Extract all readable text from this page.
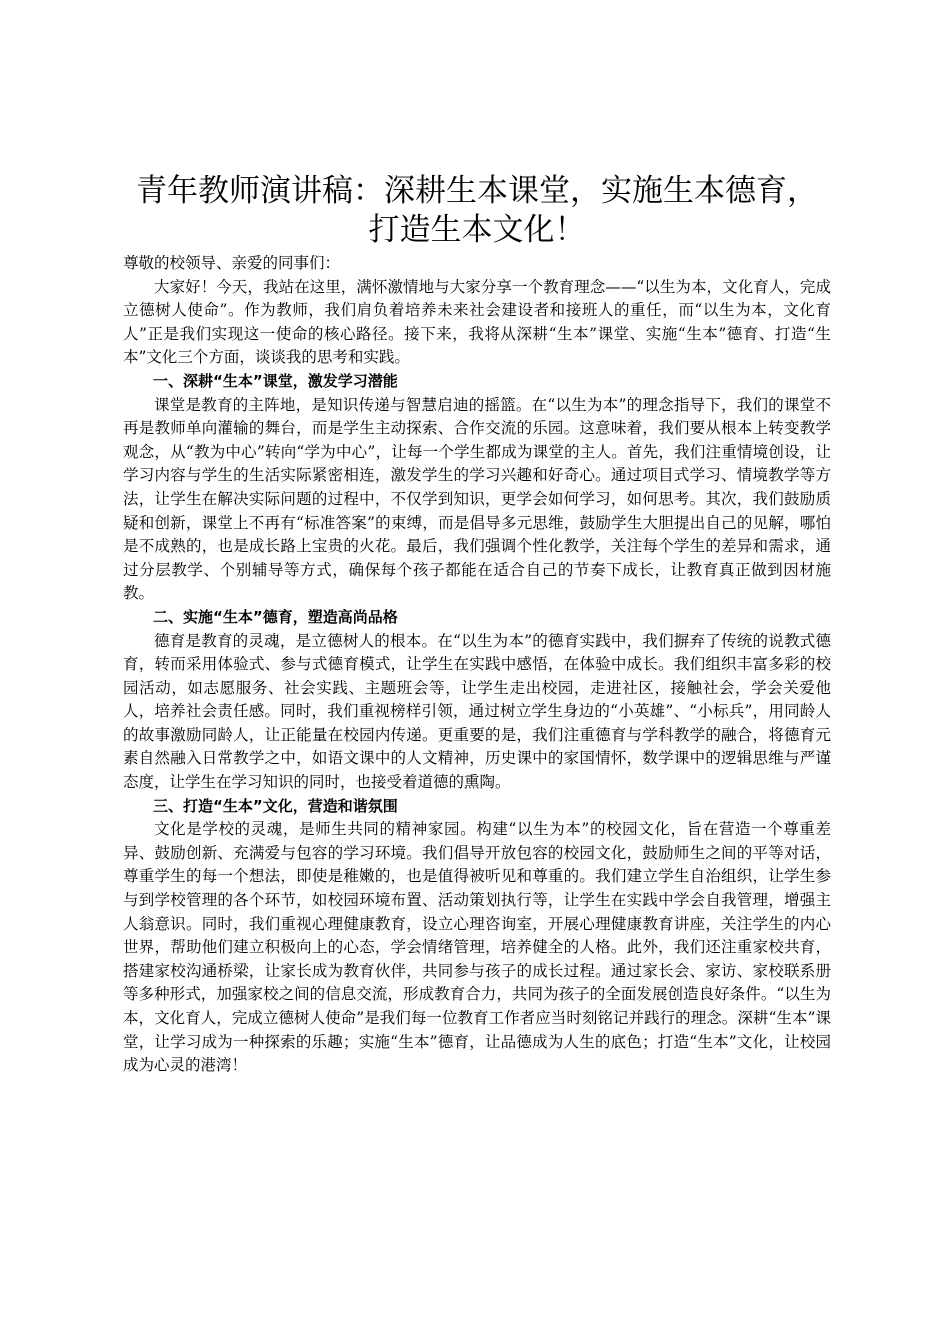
青年教师演讲稿：深耕生本课堂，实施生本德育，打造生本文化！

尊敬的校领导、亲爱的同事们：

大家好！今天，我站在这里，满怀激情地与大家分享一个教育理念——“以生为本，文化育人，完成立德树人使命”。作为教师，我们肩负着培养未来社会建设者和接班人的重任，而“以生为本，文化育人”正是我们实现这一使命的核心路径。接下来，我将从深耕“生本”课堂、实施“生本”德育、打造“生本”文化三个方面，谈谈我的思考和实践。

一、深耕“生本”课堂，激发学习潜能

课堂是教育的主阵地，是知识传递与智慧启迪的摇篮。在“以生为本”的理念指导下，我们的课堂不再是教师单向灌输的舞台，而是学生主动探索、合作交流的乐园。这意味着，我们要从根本上转变教学观念，从“教为中心”转向“学为中心”，让每一个学生都成为课堂的主人。首先，我们注重情境创设，让学习内容与学生的生活实际紧密相连，激发学生的学习兴趣和好奇心。通过项目式学习、情境教学等方法，让学生在解决实际问题的过程中，不仅学到知识，更学会如何学习，如何思考。其次，我们鼓励质疑和创新，课堂上不再有“标准答案”的束缚，而是倡导多元思维，鼓励学生大胆提出自己的见解，哪怕是不成熟的，也是成长路上宝贵的火花。最后，我们强调个性化教学，关注每个学生的差异和需求，通过分层教学、个别辅导等方式，确保每个孩子都能在适合自己的节奏下成长，让教育真正做到因材施教。

二、实施“生本”德育，塑造高尚品格

德育是教育的灵魂，是立德树人的根本。在“以生为本”的德育实践中，我们摒弃了传统的说教式德育，转而采用体验式、参与式德育模式，让学生在实践中感悟，在体验中成长。我们组织丰富多彩的校园活动，如志愿服务、社会实践、主题班会等，让学生走出校园，走进社区，接触社会，学会关爱他人，培养社会责任感。同时，我们重视榜样引领，通过树立学生身边的“小英雄”、“小标兵”，用同龄人的故事激励同龄人，让正能量在校园内传递。更重要的是，我们注重德育与学科教学的融合，将德育元素自然融入日常教学之中，如语文课中的人文精神，历史课中的家国情怀，数学课中的逻辑思维与严谨态度，让学生在学习知识的同时，也接受着道德的熏陶。

三、打造“生本”文化，营造和谐氛围

文化是学校的灵魂，是师生共同的精神家园。构建“以生为本”的校园文化，旨在营造一个尊重差异、鼓励创新、充满爱与包容的学习环境。我们倡导开放包容的校园文化，鼓励师生之间的平等对话，尊重学生的每一个想法，即使是稚嫩的，也是值得被听见和尊重的。我们建立学生自治组织，让学生参与到学校管理的各个环节，如校园环境布置、活动策划执行等，让学生在实践中学会自我管理，增强主人翁意识。同时，我们重视心理健康教育，设立心理咨询室，开展心理健康教育讲座，关注学生的内心世界，帮助他们建立积极向上的心态，学会情绪管理，培养健全的人格。此外，我们还注重家校共育，搭建家校沟通桥梁，让家长成为教育伙伴，共同参与孩子的成长过程。通过家长会、家访、家校联系册等多种形式，加强家校之间的信息交流，形成教育合力，共同为孩子的全面发展创造良好条件。“以生为本，文化育人，完成立德树人使命”是我们每一位教育工作者应当时刻铭记并践行的理念。深耕“生本”课堂，让学习成为一种探索的乐趣；实施“生本”德育，让品德成为人生的底色；打造“生本”文化，让校园成为心灵的港湾！
